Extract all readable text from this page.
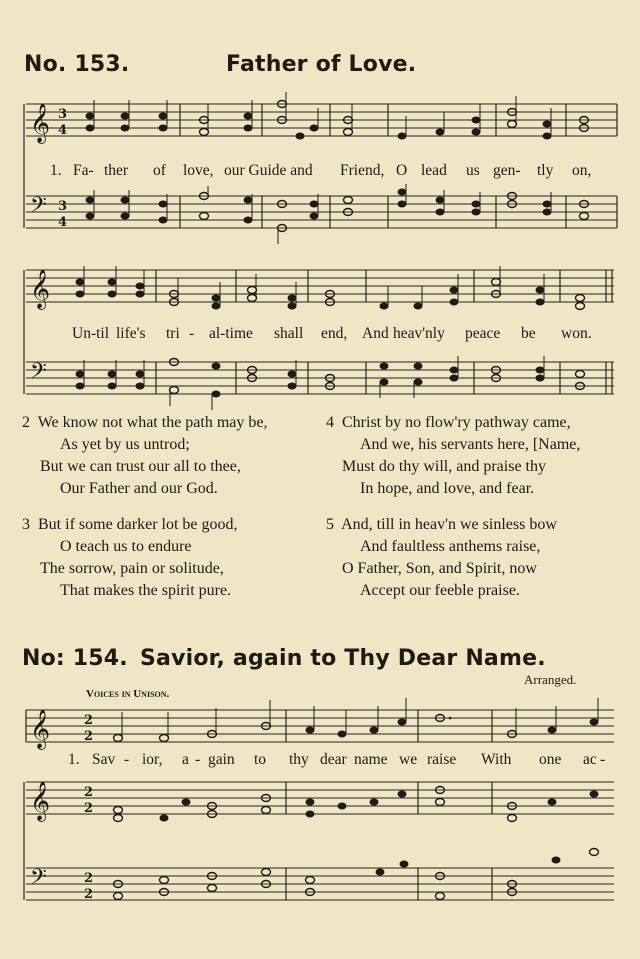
No. 153.	Father of Love.
𝄞 3
4
𝄢 3
4
𝄞
𝄢
𝄞	2
2
𝄞	2
2
𝄢	2
2
1. Fa- ther of love, our Guide and Friend, O lead us gen- tly on,
Un-til life's tri - al-time shall end, And heav'nly peace be won.
2 We know not what the path may be,
As yet by us untrod;
But we can trust our all to thee,
Our Father and our God.
4 Christ by no flow'ry pathway came,
And we, his servants here, [Name,
Must do thy will, and praise thy
In hope, and love, and fear.
3 But if some darker lot be good,
O teach us to endure
The sorrow, pain or solitude,
That makes the spirit pure.
5 And, till in heav'n we sinless bow
And faultless anthems raise,
O Father, Son, and Spirit, now
Accept our feeble praise.
No: 154. Savior, again to Thy Dear Name.
Arranged.
Voices in Unison.
1. Sav - ior, a - gain to thy dear name we raise With one ac -
